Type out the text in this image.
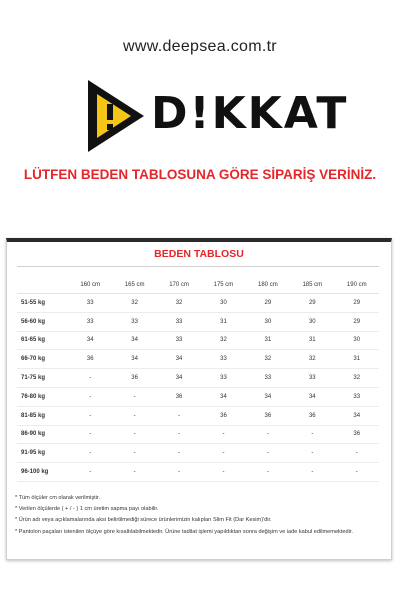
www.deepsea.com.tr
D!KKAT
LÜTFEN BEDEN TABLOSUNA GÖRE SİPARİŞ VERİNİZ.
BEDEN TABLOSU
	160 cm	165 cm	170 cm	175 cm	180 cm	185 cm	190 cm
51-55 kg	33	32	32	30	29	29	29
56-60 kg	33	33	33	31	30	30	29
61-65 kg	34	34	33	32	31	31	30
66-70 kg	36	34	34	33	32	32	31
71-75 kg	-	36	34	33	33	33	32
76-80 kg	-	-	36	34	34	34	33
81-85 kg	-	-	-	36	36	36	34
86-90 kg	-	-	-	-	-	-	36
91-95 kg	-	-	-	-	-	-	-
96-100 kg	-	-	-	-	-	-	-

* Tüm ölçüler cm olarak verilmiştir.

* Verilen ölçülerde ( + / - ) 1 cm üretim sapma payı olabilir.

* Ürün adı veya açıklamalarında aksi belirtilmediği sürece ürünlerimizin kalıpları Slim Fit (Dar Kesim)'dir.

* Pantolon paçaları istenilen ölçüye göre kısaltılabilmektedir. Ürüne tadilat işlemi yapıldıktan sonra değişim ve iade kabul edilmemektedir.
